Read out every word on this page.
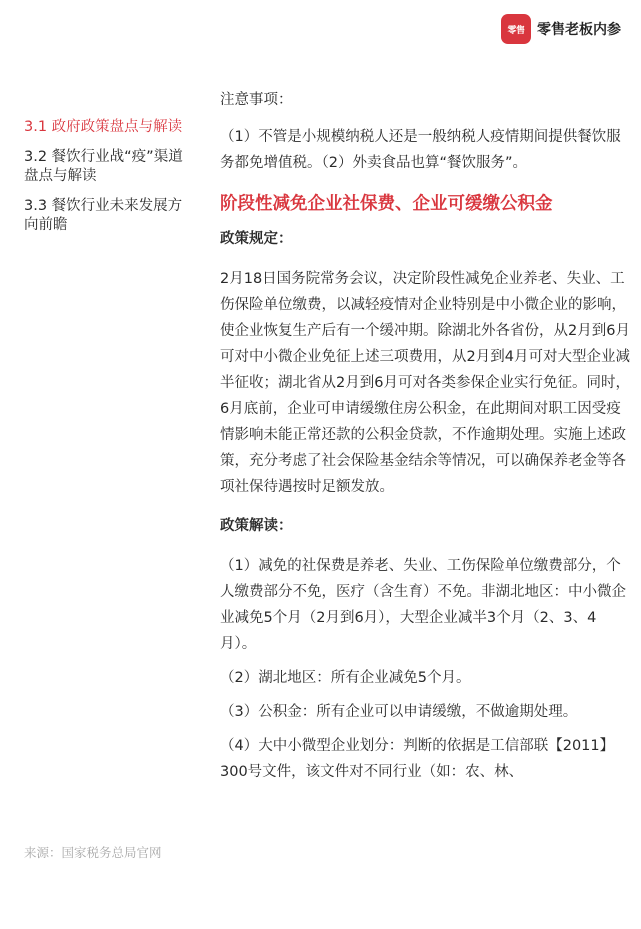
零售 零售老板内参
3.1 政府政策盘点与解读
3.2 餐饮行业战“疫”渠道盘点与解读
3.3 餐饮行业未来发展方向前瞻
来源：国家税务总局官网

注意事项：

（1）不管是小规模纳税人还是一般纳税人疫情期间提供餐饮服务都免增值税。（2）外卖食品也算“餐饮服务”。

阶段性减免企业社保费、企业可缓缴公积金

政策规定：

2月18日国务院常务会议，决定阶段性减免企业养老、失业、工伤保险单位缴费，以减轻疫情对企业特别是中小微企业的影响，使企业恢复生产后有一个缓冲期。除湖北外各省份，从2月到6月可对中小微企业免征上述三项费用，从2月到4月可对大型企业减半征收；湖北省从2月到6月可对各类参保企业实行免征。同时，6月底前，企业可申请缓缴住房公积金，在此期间对职工因受疫情影响未能正常还款的公积金贷款，不作逾期处理。实施上述政策，充分考虑了社会保险基金结余等情况，可以确保养老金等各项社保待遇按时足额发放。

政策解读：

（1）减免的社保费是养老、失业、工伤保险单位缴费部分，个人缴费部分不免，医疗（含生育）不免。非湖北地区：中小微企业减免5个月（2月到6月），大型企业减半3个月（2、3、4月）。

（2）湖北地区：所有企业减免5个月。

（3）公积金：所有企业可以申请缓缴，不做逾期处理。

（4）大中小微型企业划分：判断的依据是工信部联【2011】300号文件，该文件对不同行业（如：农、林、
